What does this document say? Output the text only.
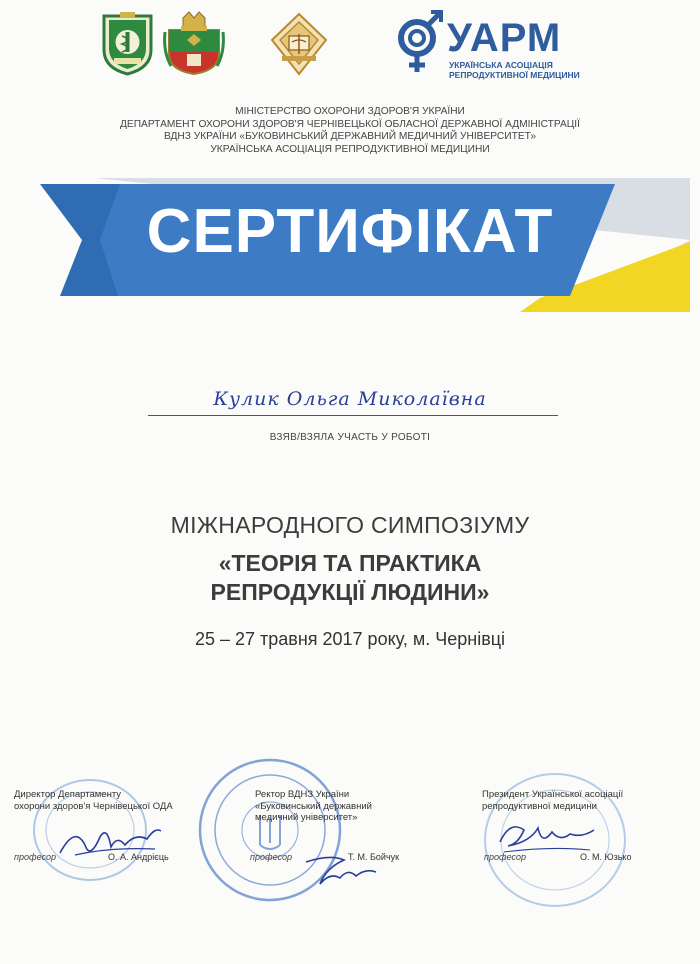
УАРМ
УКРАЇНСЬКА АСОЦІАЦІЯ
РЕПРОДУКТИВНОЇ МЕДИЦИНИ
МІНІСТЕРСТВО ОХОРОНИ ЗДОРОВ'Я УКРАЇНИ
ДЕПАРТАМЕНТ ОХОРОНИ ЗДОРОВ'Я ЧЕРНІВЕЦЬКОЇ ОБЛАСНОЇ ДЕРЖАВНОЇ АДМІНІСТРАЦІЇ
ВДНЗ УКРАЇНИ «БУКОВИНСЬКИЙ ДЕРЖАВНИЙ МЕДИЧНИЙ УНІВЕРСИТЕТ»
УКРАЇНСЬКА АСОЦІАЦІЯ РЕПРОДУКТИВНОЇ МЕДИЦИНИ
СЕРТИФІКАТ
Кулик Ольга Миколаївна
ВЗЯВ/ВЗЯЛА УЧАСТЬ У РОБОТІ
МІЖНАРОДНОГО СИМПОЗІУМУ
«ТЕОРІЯ ТА ПРАКТИКА
РЕПРОДУКЦІЇ ЛЮДИНИ»
25 – 27 травня 2017 року, м. Чернівці
Директор Департаменту
охорони здоров'я Чернівецької ОДА
професор	О. А. Андрієць
Ректор ВДНЗ України
«Буковинський державний
медичний університет»
професор	Т. М. Бойчук
Президент Української асоціації
репродуктивної медицини
професор	О. М. Юзько
